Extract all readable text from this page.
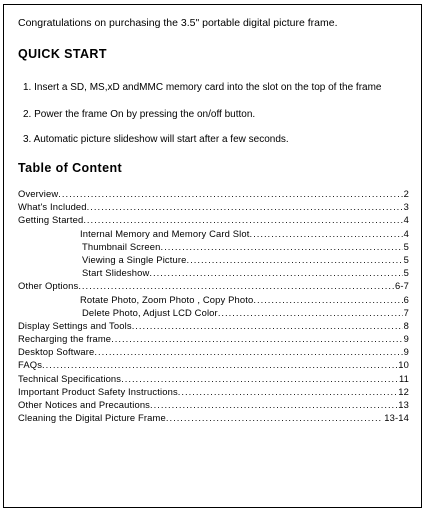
Congratulations on purchasing the 3.5" portable digital picture frame.
QUICK START
1. Insert a SD, MS,xD andMMC memory card into the slot on the top of the frame
2. Power the frame On by pressing the on/off button.
3. Automatic picture slideshow will start after a few seconds.
Table of Content
Overview .....	2
What's Included .....	3
Getting Started .....	4
Internal Memory and Memory Card Slot .....	4
Thumbnail Screen .....	5
Viewing a Single Picture .....	5
Start Slideshow .....	5
Other Options .....	6-7
Rotate Photo, Zoom Photo , Copy Photo .....	6
Delete Photo, Adjust LCD Color .....	7
Display Settings and Tools .....	8
Recharging the frame .....	9
Desktop Software .....	9
FAQs .....	10
Technical Specifications .....	11
Important Product Safety Instructions .....	12
Other Notices and Precautions .....	13
Cleaning the Digital Picture Frame .....	13-14
